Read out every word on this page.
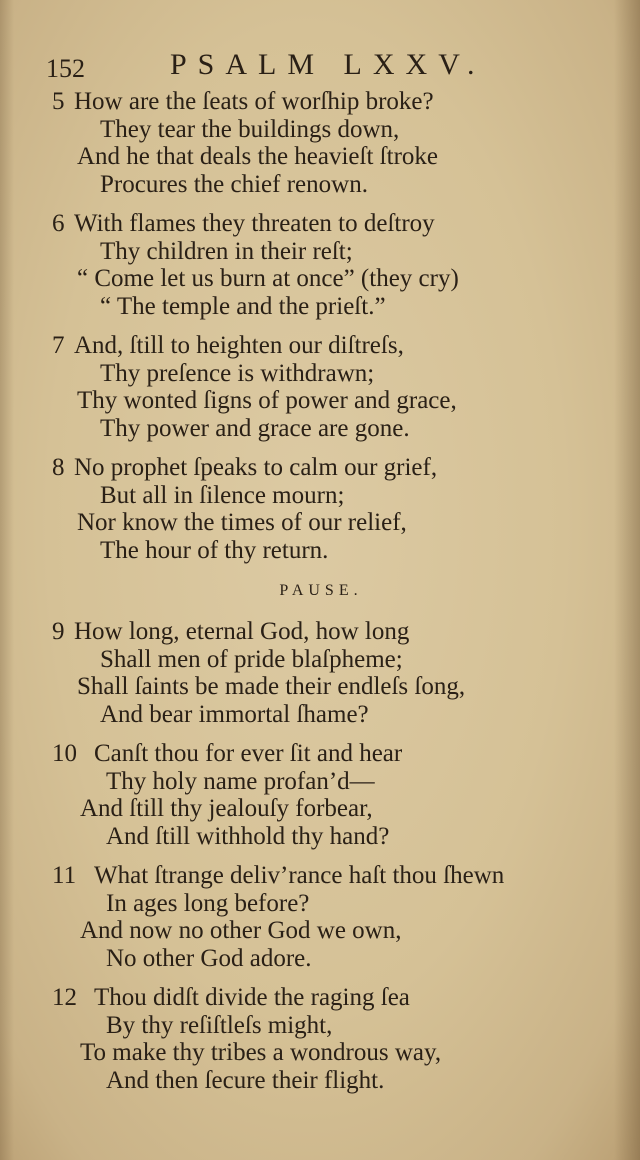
152	PSALM LXXV.
5 How are the ſeats of worſhip broke?
They tear the buildings down,
And he that deals the heavieſt ſtroke
Procures the chief renown.
6 With flames they threaten to deſtroy
Thy children in their reſt;
“ Come let us burn at once” (they cry)
“ The temple and the prieſt.”
7 And, ſtill to heighten our diſtreſs,
Thy preſence is withdrawn;
Thy wonted ſigns of power and grace,
Thy power and grace are gone.
8 No prophet ſpeaks to calm our grief,
But all in ſilence mourn;
Nor know the times of our relief,
The hour of thy return.
PAUSE.
9 How long, eternal God, how long
Shall men of pride blaſpheme;
Shall ſaints be made their endleſs ſong,
And bear immortal ſhame?
10 Canſt thou for ever ſit and hear
Thy holy name profan’d—
And ſtill thy jealouſy forbear,
And ſtill withhold thy hand?
11 What ſtrange deliv’rance haſt thou ſhewn
In ages long before?
And now no other God we own,
No other God adore.
12 Thou didſt divide the raging ſea
By thy reſiſtleſs might,
To make thy tribes a wondrous way,
And then ſecure their flight.
